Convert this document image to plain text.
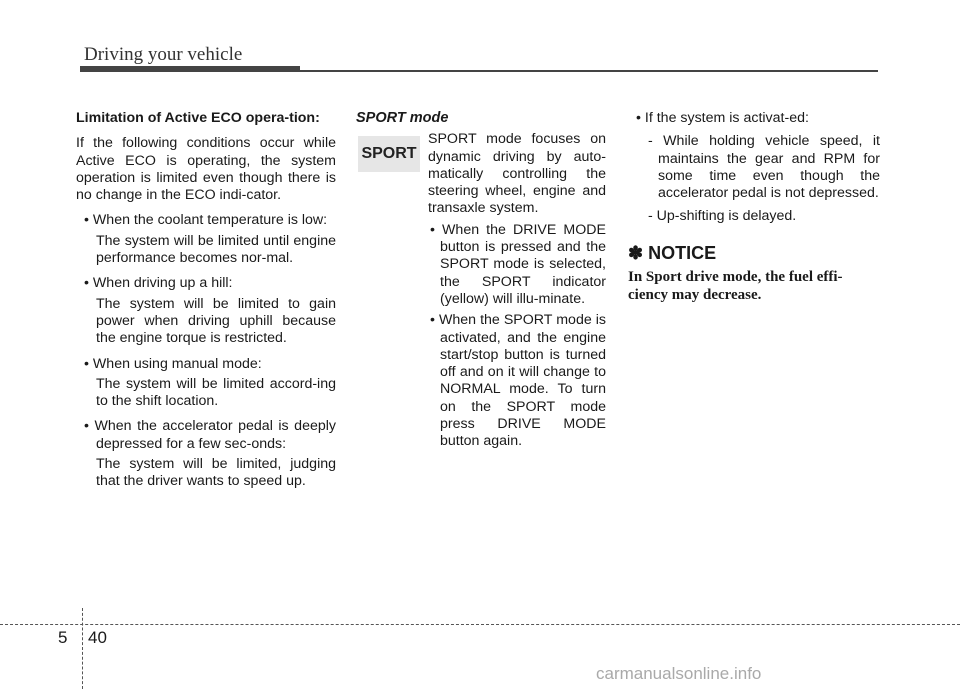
Driving your vehicle

Limitation of Active ECO opera-tion:

If the following conditions occur while Active ECO is operating, the system operation is limited even though there is no change in the ECO indi-cator.

• When the coolant temperature is low:

The system will be limited until engine performance becomes nor-mal.

• When driving up a hill:

The system will be limited to gain power when driving uphill because the engine torque is restricted.

• When using manual mode:

The system will be limited accord-ing to the shift location.

• When the accelerator pedal is deeply depressed for a few sec-onds:

The system will be limited, judging that the driver wants to speed up.

SPORT mode

SPORT

SPORT mode focuses on dynamic driving by auto-matically controlling the steering wheel, engine and transaxle system.

• When the DRIVE MODE button is pressed and the SPORT mode is selected, the SPORT indicator (yellow) will illu-minate.

• When the SPORT mode is activated, and the engine start/stop button is turned off and on it will change to NORMAL mode. To turn on the SPORT mode press DRIVE MODE button again.

• If the system is activat-ed:

- While holding vehicle speed, it maintains the gear and RPM for some time even though the accelerator pedal is not depressed.

- Up-shifting is delayed.

✽ NOTICE

In Sport drive mode, the fuel effi-ciency may decrease.

5 40
carmanualsonline.info
